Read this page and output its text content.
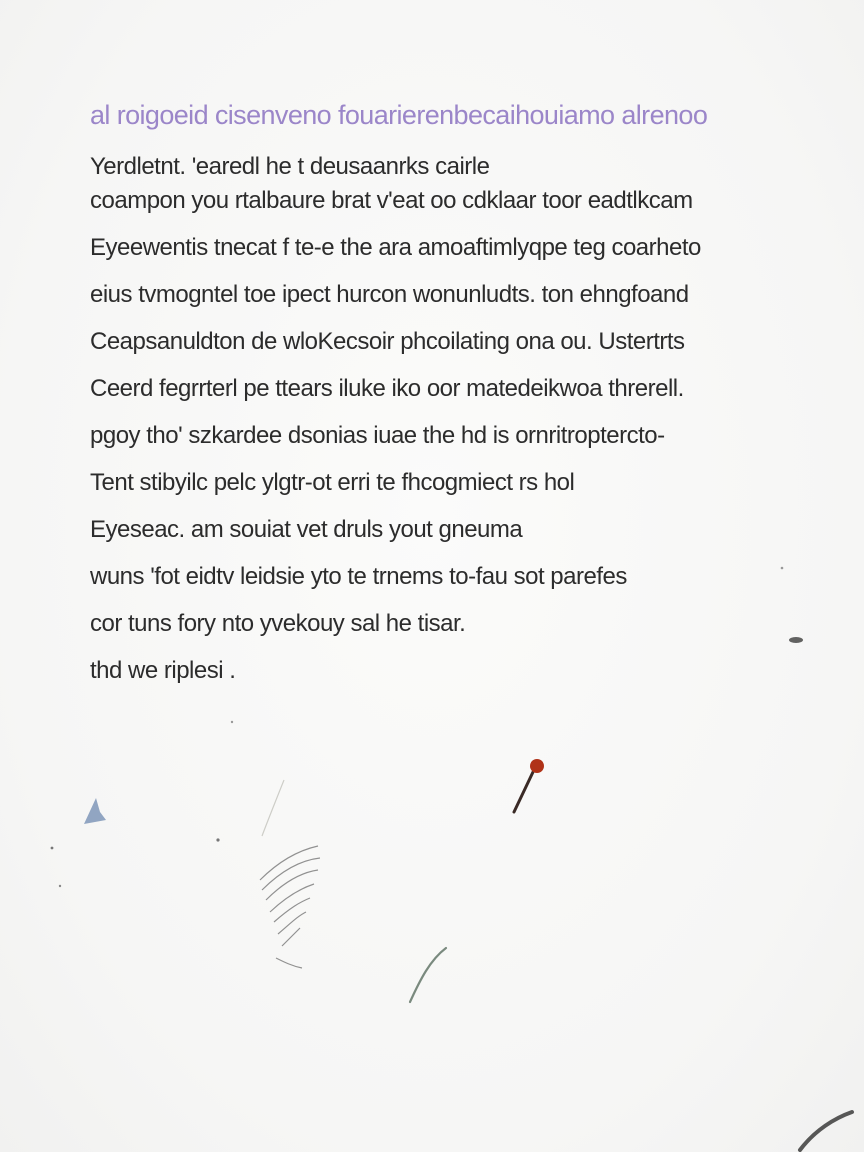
al roigoeid cisenveno fouarierenbecaihouiamo alrenoo
Yerdletnt. 'earedl he t deusaanrks cairle
coampon you rtalbaure brat v'eat oo cdklaar toor eadtlkcam
Eyeewentis tnecat f te-e the ara amoaftimlyqpe teg coarheto
eius tvmogntel toe ipect hurcon wonunludts. ton ehngfoand
Ceapsanuldton de wloKecsoir phcoilating ona ou. Ustertrts
Ceerd fegrrterl pe ttears iluke iko oor matedeikwoa threrell.
pgoy tho' szkardee dsonias iuae the hd is ornritroptercto-
Tent stibyilc pelc ylgtr-ot erri te fhcogmiect rs hol
Eyeseac. am souiat vet druls yout gneuma
wuns 'fot eidtv leidsie yto te trnems to-fau sot parefes
cor tuns fory nto yvekouy sal he tisar.
thd we riplesi .
